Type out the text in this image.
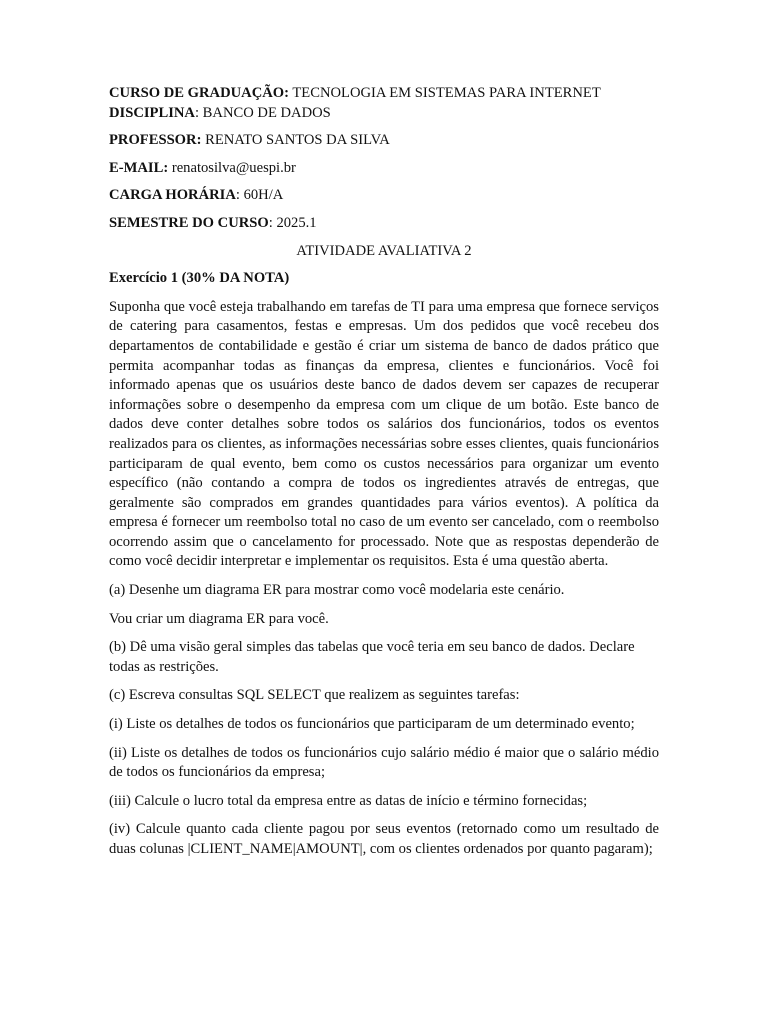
CURSO DE GRADUAÇÃO: TECNOLOGIA EM SISTEMAS PARA INTERNET

DISCIPLINA: BANCO DE DADOS

PROFESSOR: RENATO SANTOS DA SILVA

E-MAIL: renatosilva@uespi.br

CARGA HORÁRIA: 60H/A

SEMESTRE DO CURSO: 2025.1

ATIVIDADE AVALIATIVA 2

Exercício 1 (30% DA NOTA)

Suponha que você esteja trabalhando em tarefas de TI para uma empresa que fornece serviços de catering para casamentos, festas e empresas. Um dos pedidos que você recebeu dos departamentos de contabilidade e gestão é criar um sistema de banco de dados prático que permita acompanhar todas as finanças da empresa, clientes e funcionários. Você foi informado apenas que os usuários deste banco de dados devem ser capazes de recuperar informações sobre o desempenho da empresa com um clique de um botão. Este banco de dados deve conter detalhes sobre todos os salários dos funcionários, todos os eventos realizados para os clientes, as informações necessárias sobre esses clientes, quais funcionários participaram de qual evento, bem como os custos necessários para organizar um evento específico (não contando a compra de todos os ingredientes através de entregas, que geralmente são comprados em grandes quantidades para vários eventos). A política da empresa é fornecer um reembolso total no caso de um evento ser cancelado, com o reembolso ocorrendo assim que o cancelamento for processado. Note que as respostas dependerão de como você decidir interpretar e implementar os requisitos. Esta é uma questão aberta.

(a) Desenhe um diagrama ER para mostrar como você modelaria este cenário.

Vou criar um diagrama ER para você.

(b) Dê uma visão geral simples das tabelas que você teria em seu banco de dados. Declare todas as restrições.

(c) Escreva consultas SQL SELECT que realizem as seguintes tarefas:

(i) Liste os detalhes de todos os funcionários que participaram de um determinado evento;

(ii) Liste os detalhes de todos os funcionários cujo salário médio é maior que o salário médio de todos os funcionários da empresa;

(iii) Calcule o lucro total da empresa entre as datas de início e término fornecidas;

(iv) Calcule quanto cada cliente pagou por seus eventos (retornado como um resultado de duas colunas |CLIENT_NAME|AMOUNT|, com os clientes ordenados por quanto pagaram);
